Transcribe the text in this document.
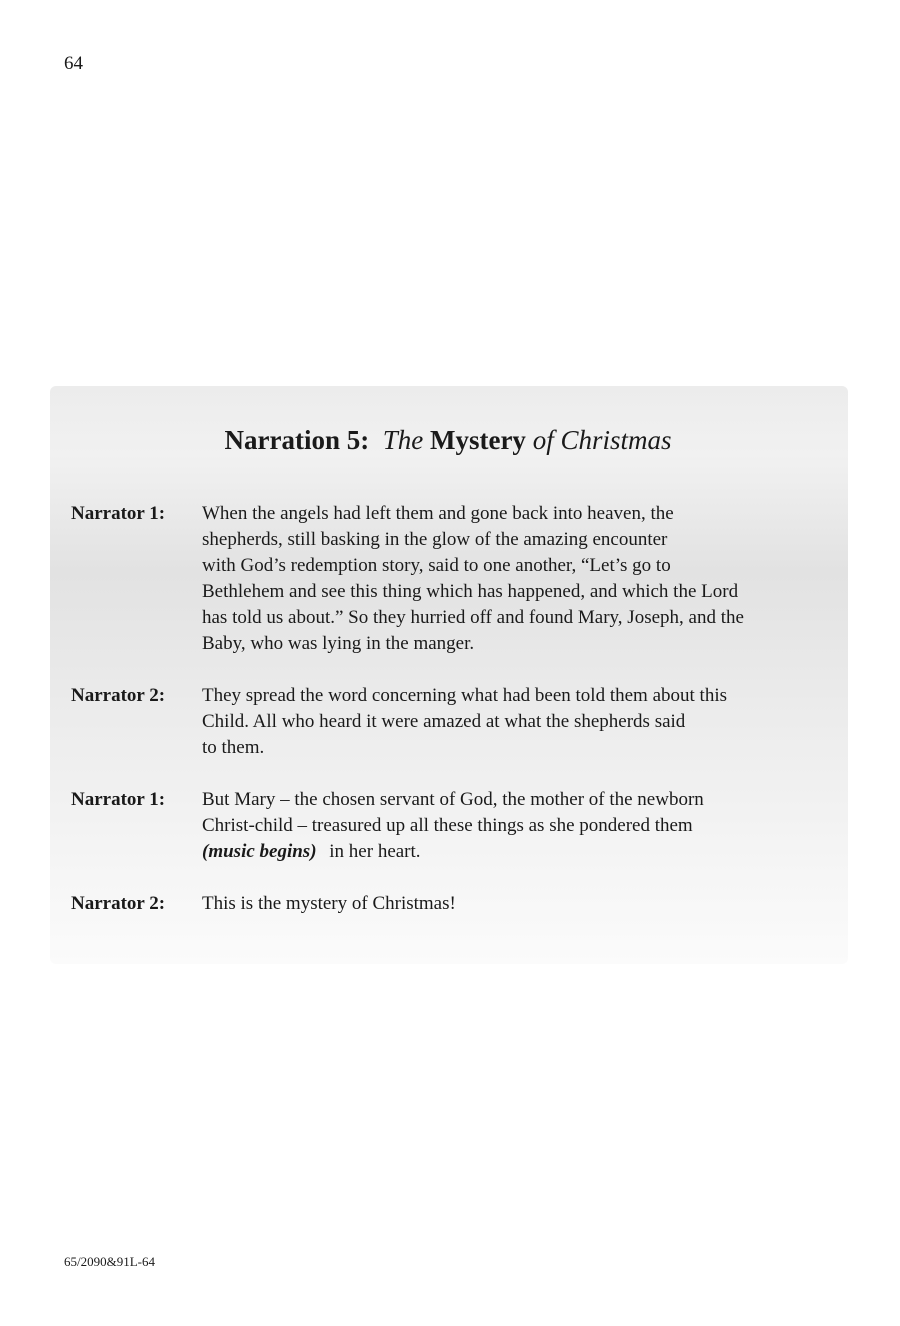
64
Narration 5: The Mystery of Christmas
Narrator 1:	When the angels had left them and gone back into heaven, the
shepherds, still basking in the glow of the amazing encounter
with God’s redemption story, said to one another, “Let’s go to
Bethlehem and see this thing which has happened, and which the Lord
has told us about.” So they hurried off and found Mary, Joseph, and the
Baby, who was lying in the manger.
Narrator 2:	They spread the word concerning what had been told them about this
Child. All who heard it were amazed at what the shepherds said
to them.
Narrator 1:	But Mary – the chosen servant of God, the mother of the newborn
Christ-child – treasured up all these things as she pondered them
(music begins) in her heart.
Narrator 2:	This is the mystery of Christmas!
65/2090&91L-64
